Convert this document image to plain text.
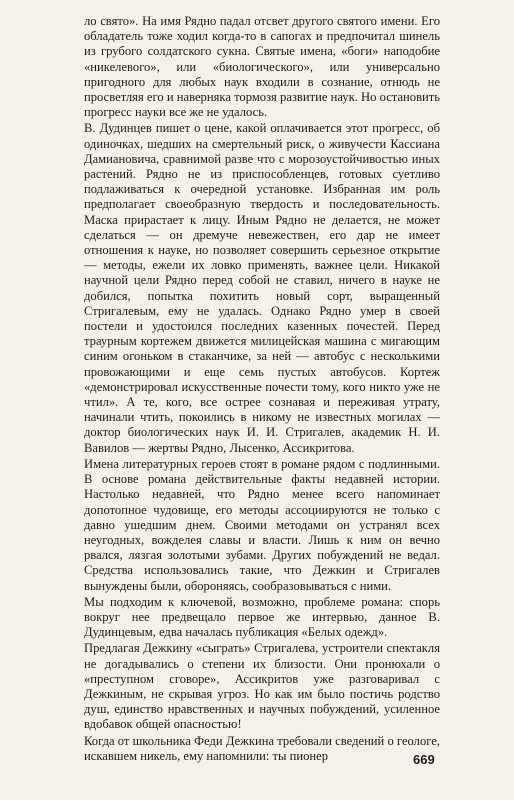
ло свято». На имя Рядно падал отсвет другого святого имени. Его обладатель тоже ходил когда-то в сапогах и предпочитал шинель из грубого солдатского сукна. Святые имена, «боги» наподобие «никелевого», или «биологического», или универсально пригодного для любых наук входили в сознание, отнюдь не просветляя его и наверняка тормозя развитие наук. Но остановить прогресс науки все же не удалось.

В. Дудинцев пишет о цене, какой оплачивается этот прогресс, об одиночках, шедших на смертельный риск, о живучести Кассиана Дамиановича, сравнимой разве что с морозоустойчивостью иных растений. Рядно не из приспособленцев, готовых суетливо подлаживаться к очередной установке. Избранная им роль предполагает своеобразную твердость и последовательность. Маска прирастает к лицу. Иным Рядно не делается, не может сделаться — он дремуче невежествен, его дар не имеет отношения к науке, но позволяет совершить серьезное открытие — методы, ежели их ловко применять, важнее цели. Никакой научной цели Рядно перед собой не ставил, ничего в науке не добился, попытка похитить новый сорт, выращенный Стригалевым, ему не удалась. Однако Рядно умер в своей постели и удостоился последних казенных почестей. Перед траурным кортежем движется милицейская машина с мигающим синим огоньком в стаканчике, за ней — автобус с несколькими провожающими и еще семь пустых автобусов. Кортеж «демонстрировал искусственные почести тому, кого никто уже не чтил». А те, кого, все острее сознавая и переживая утрату, начинали чтить, покоились в никому не известных могилах — доктор биологических наук И. И. Стригалев, академик Н. И. Вавилов — жертвы Рядно, Лысенко, Ассикритова.

Имена литературных героев стоят в романе рядом с подлинными. В основе романа действительные факты недавней истории. Настолько недавней, что Рядно менее всего напоминает допотопное чудовище, его методы ассоциируются не только с давно ушедшим днем. Своими методами он устранял всех неугодных, вожделея славы и власти. Лишь к ним он вечно рвался, лязгая золотыми зубами. Других побуждений не ведал. Средства использовались такие, что Дежкин и Стригалев вынуждены были, обороняясь, сообразовываться с ними.

Мы подходим к ключевой, возможно, проблеме романа: спорь вокруг нее предвещало первое же интервью, данное В. Дудинцевым, едва началась публикация «Белых одежд».

Предлагая Дежкину «сыграть» Стригалева, устроители спектакля не догадывались о степени их близости. Они пронюхали о «преступном сговоре», Ассикритов уже разговаривал с Дежкиным, не скрывая угроз. Но как им было постичь родство душ, единство нравственных и научных побуждений, усиленное вдобавок общей опасностью!

Когда от школьника Феди Дежкина требовали сведений о геологе, искавшем никель, ему напомнили: ты пионер	669
